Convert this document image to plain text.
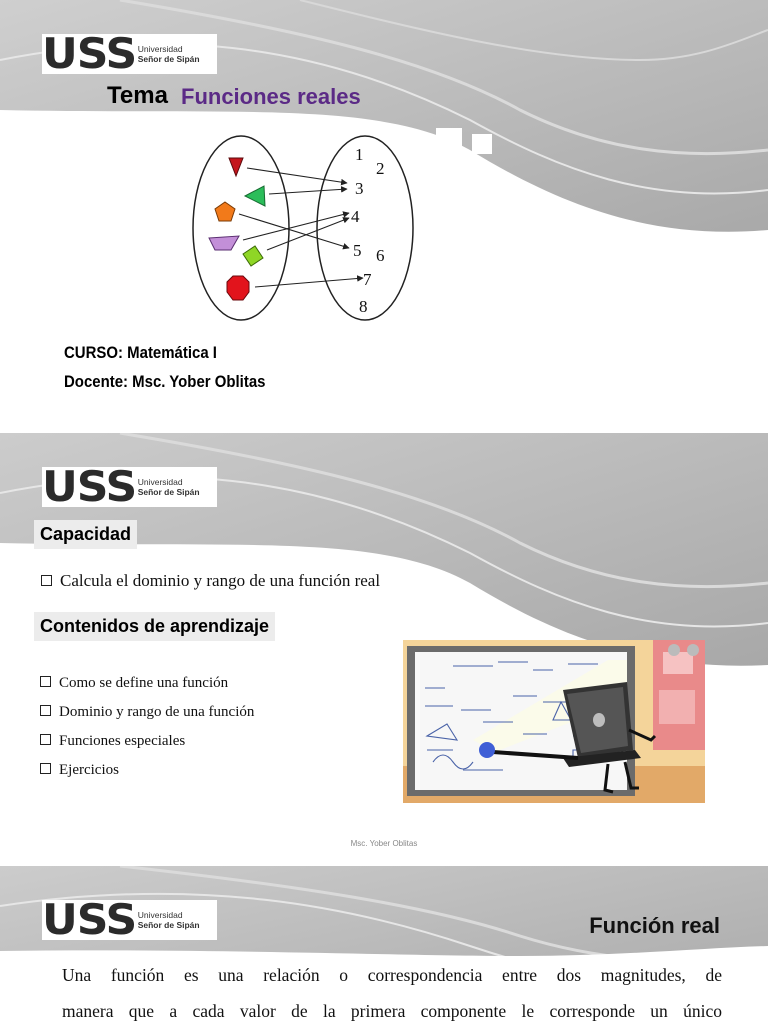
USS Universidad
Señor de Sipán
Tema Funciones reales
1
2
3
4
5 6
7
8
CURSO: Matemática I
Docente: Msc. Yober Oblitas
USS Universidad
Señor de Sipán
Capacidad
Calcula el dominio y rango de una función real
Contenidos de aprendizaje
Como se define una función
Dominio y rango de una función
Funciones especiales
Ejercicios
Msc. Yober Oblitas
USS Universidad
Señor de Sipán	Función real
Una función es una relación o correspondencia entre dos magnitudes, de
manera que a cada valor de la primera componente le corresponde un único
